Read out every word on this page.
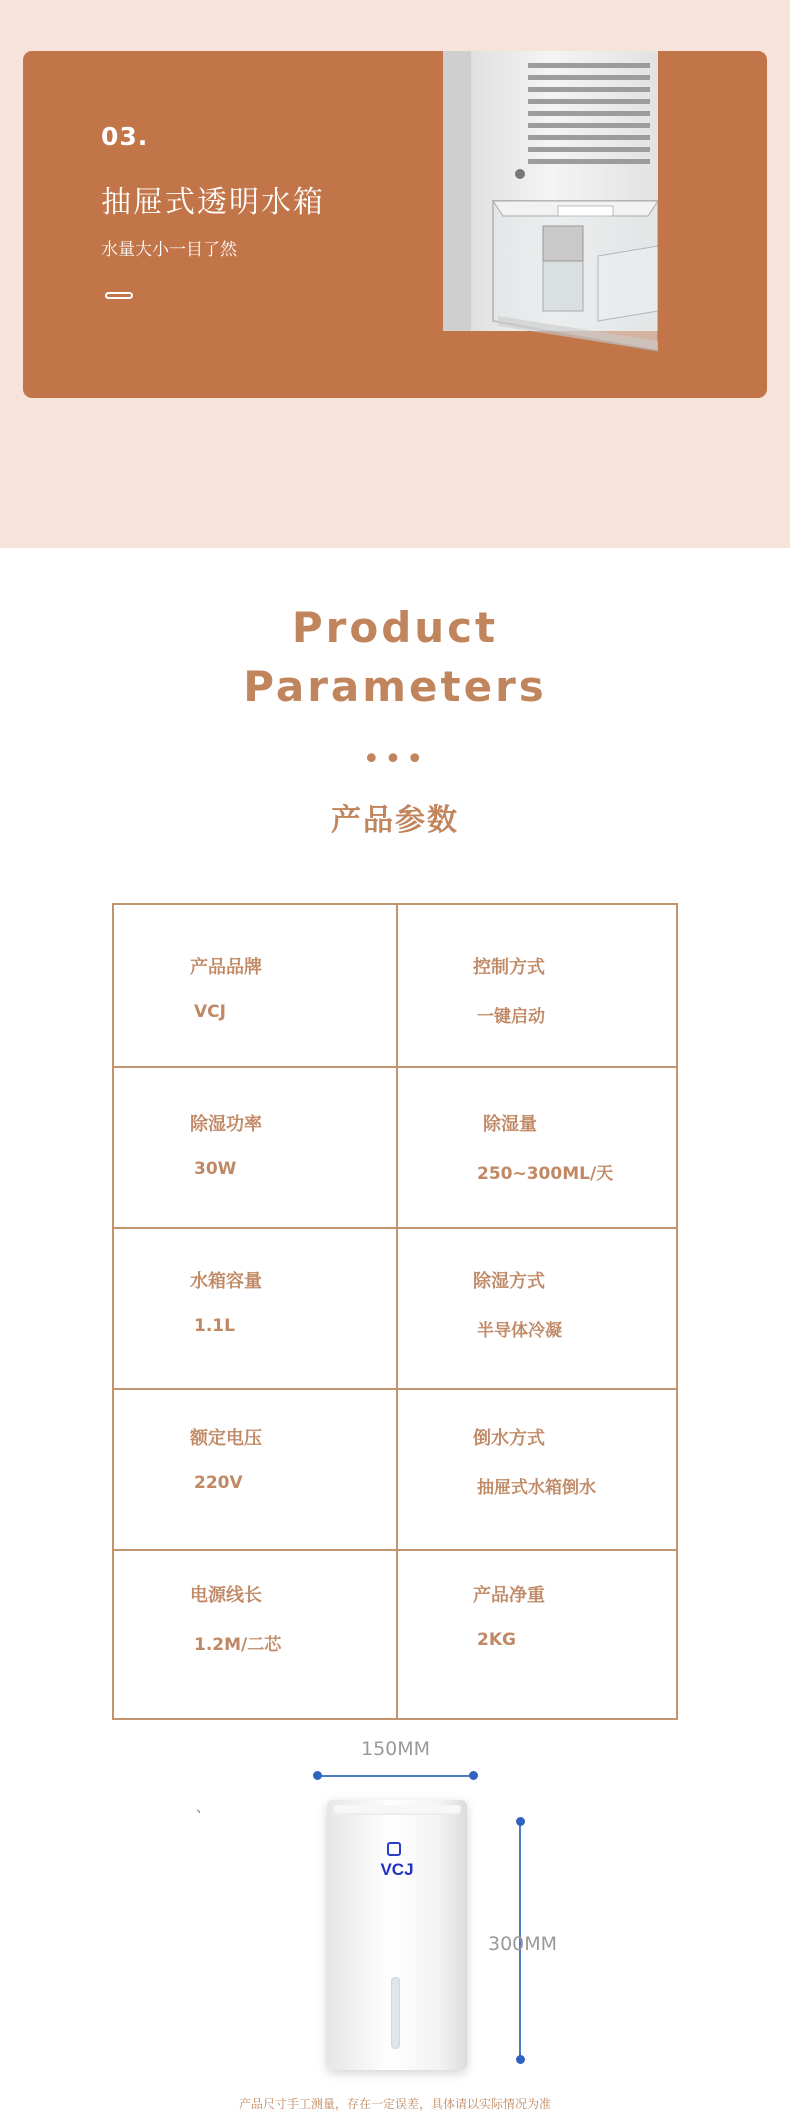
03.
抽屉式透明水箱
水量大小一目了然
Product
Parameters
•••
产品参数
产品品牌
VCJ
控制方式
一键启动
除湿功率
30W
除湿量
250~300ML/天
水箱容量
1.1L
除湿方式
半导体冷凝
额定电压
220V
倒水方式
抽屉式水箱倒水
电源线长
1.2M/二芯
产品净重
2KG
150MM
、
300MM
VCJ
产品尺寸手工测量，存在一定误差，具体请以实际情况为准
